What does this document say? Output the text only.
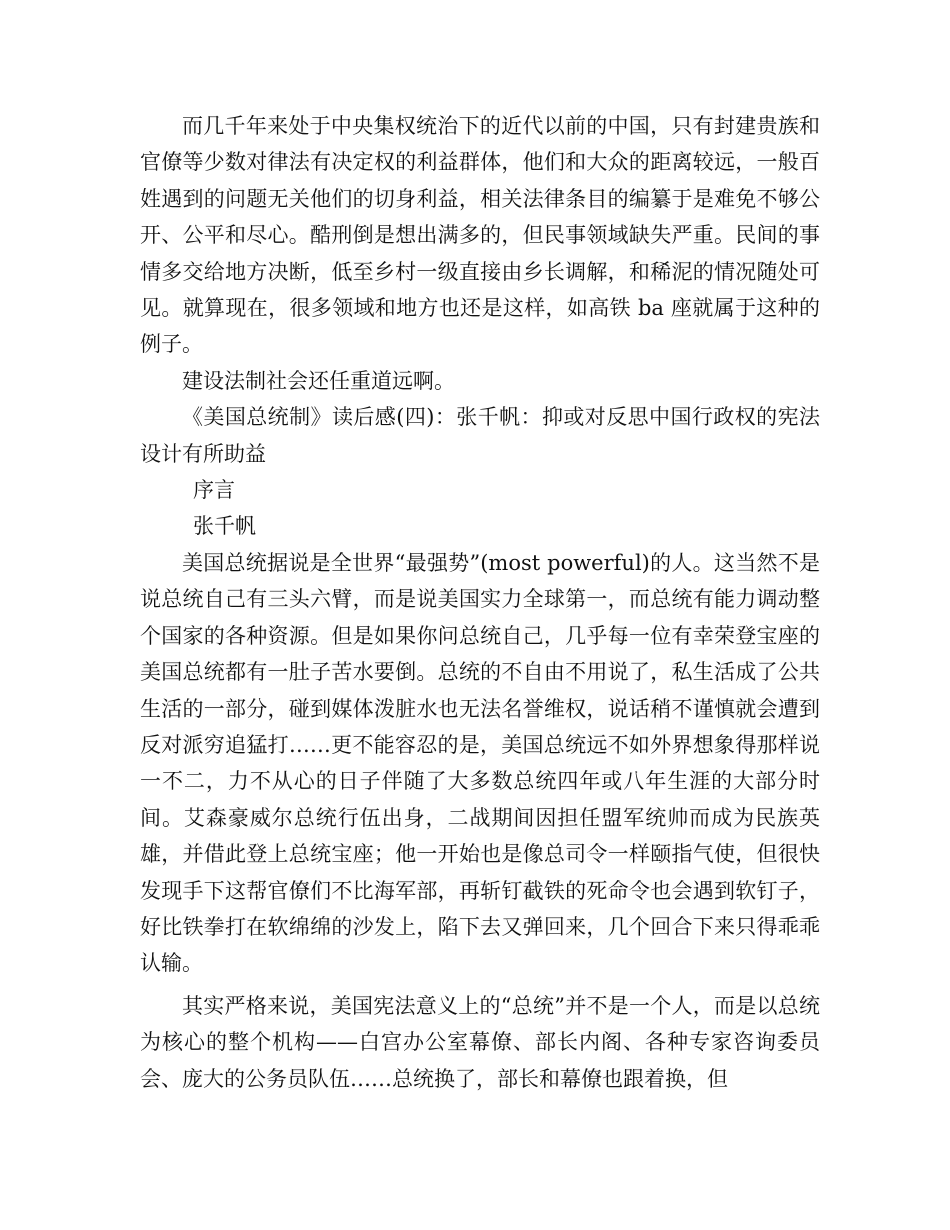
而几千年来处于中央集权统治下的近代以前的中国，只有封建贵族和官僚等少数对律法有决定权的利益群体，他们和大众的距离较远，一般百姓遇到的问题无关他们的切身利益，相关法律条目的编纂于是难免不够公开、公平和尽心。酷刑倒是想出满多的，但民事领域缺失严重。民间的事情多交给地方决断，低至乡村一级直接由乡长调解，和稀泥的情况随处可见。就算现在，很多领域和地方也还是这样，如高铁 ba 座就属于这种的例子。

建设法制社会还任重道远啊。

《美国总统制》读后感(四)：张千帆：抑或对反思中国行政权的宪法设计有所助益

序言

张千帆

美国总统据说是全世界“最强势”(most powerful)的人。这当然不是说总统自己有三头六臂，而是说美国实力全球第一，而总统有能力调动整个国家的各种资源。但是如果你问总统自己，几乎每一位有幸荣登宝座的美国总统都有一肚子苦水要倒。总统的不自由不用说了，私生活成了公共生活的一部分，碰到媒体泼脏水也无法名誉维权，说话稍不谨慎就会遭到反对派穷追猛打……更不能容忍的是，美国总统远不如外界想象得那样说一不二，力不从心的日子伴随了大多数总统四年或八年生涯的大部分时间。艾森豪威尔总统行伍出身，二战期间因担任盟军统帅而成为民族英雄，并借此登上总统宝座；他一开始也是像总司令一样颐指气使，但很快发现手下这帮官僚们不比海军部，再斩钉截铁的死命令也会遇到软钉子，好比铁拳打在软绵绵的沙发上，陷下去又弹回来，几个回合下来只得乖乖认输。

其实严格来说，美国宪法意义上的“总统”并不是一个人，而是以总统为核心的整个机构——白宫办公室幕僚、部长内阁、各种专家咨询委员会、庞大的公务员队伍……总统换了，部长和幕僚也跟着换，但
